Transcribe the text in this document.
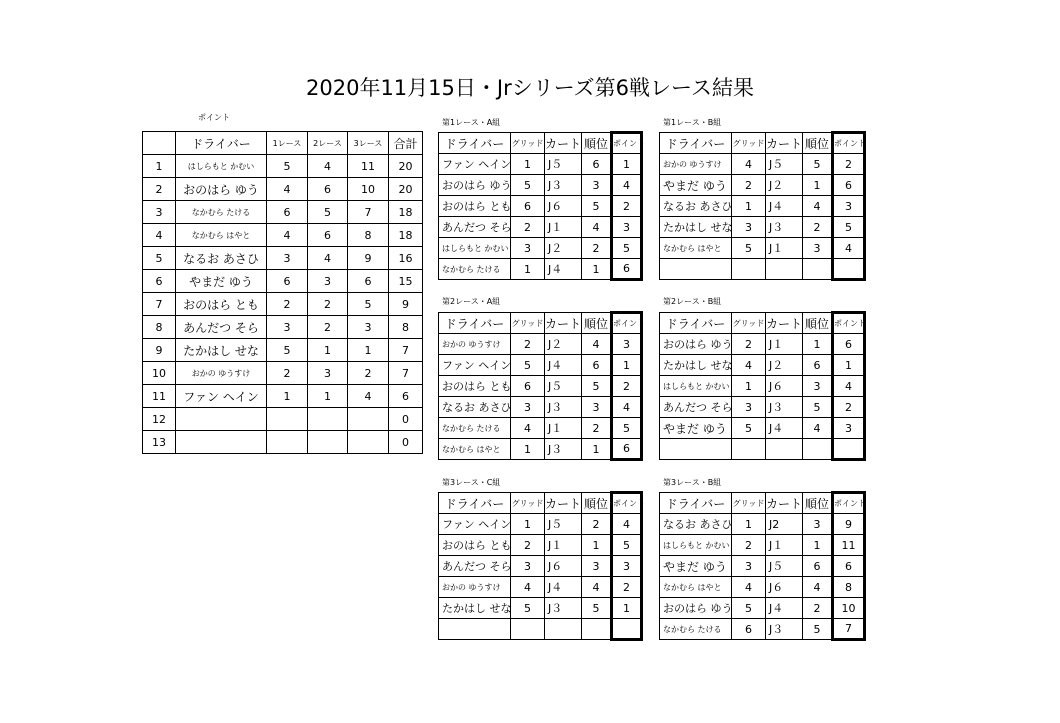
2020年11月15日・Jrシリーズ第6戦レース結果
ポイント
	ドライバー	1レース	2レース	3レース	合計
1	はしらもと かむい	5	4	11	20
2	おのはら ゆう	4	6	10	20
3	なかむら たける	6	5	7	18
4	なかむら はやと	4	6	8	18
5	なるお あさひ	3	4	9	16
6	やまだ ゆう	6	3	6	15
7	おのはら とも	2	2	5	9
8	あんだつ そら	3	2	3	8
9	たかはし せな	5	1	1	7
10	おかの ゆうすけ	2	3	2	7
11	ファン ヘイン	1	1	4	6
12					0
13					0
第1レース・A組
ドライバー	グリッド	カート	順位	ポイント
ファン ヘイン	1	J５	6	1
おのはら ゆう	5	J３	3	4
おのはら とも	6	J６	5	2
あんだつ そら	2	J１	4	3
はしらもと かむい	3	J２	2	5
なかむら たける	1	J４	1	6
第1レース・B組
ドライバー	グリッド	カート	順位	ポイント
おかの ゆうすけ	4	J５	5	2
やまだ ゆう	2	J２	1	6
なるお あさひ	1	J４	4	3
たかはし せな	3	J３	2	5
なかむら はやと	5	J１	3	4

第2レース・A組
ドライバー	グリッド	カート	順位	ポイント
おかの ゆうすけ	2	J２	4	3
ファン ヘイン	5	J４	6	1
おのはら とも	6	J５	5	2
なるお あさひ	3	J３	3	4
なかむら たける	4	J１	2	5
なかむら はやと	1	J３	1	6
第2レース・B組
ドライバー	グリッド	カート	順位	ポイント
おのはら ゆう	2	J１	1	6
たかはし せな	4	J２	6	1
はしらもと かむい	1	J６	3	4
あんだつ そら	3	J３	5	2
やまだ ゆう	5	J４	4	3

第3レース・C組
ドライバー	グリッド	カート	順位	ポイント
ファン ヘイン	1	J５	2	4
おのはら とも	2	J１	1	5
あんだつ そら	3	J６	3	3
おかの ゆうすけ	4	J４	4	2
たかはし せな	5	J３	5	1

第3レース・B組
ドライバー	グリッド	カート	順位	ポイント
なるお あさひ	1	J2	3	9
はしらもと かむい	2	J１	1	11
やまだ ゆう	3	J５	6	6
なかむら はやと	4	J６	4	8
おのはら ゆう	5	J４	2	10
なかむら たける	6	J３	5	7
